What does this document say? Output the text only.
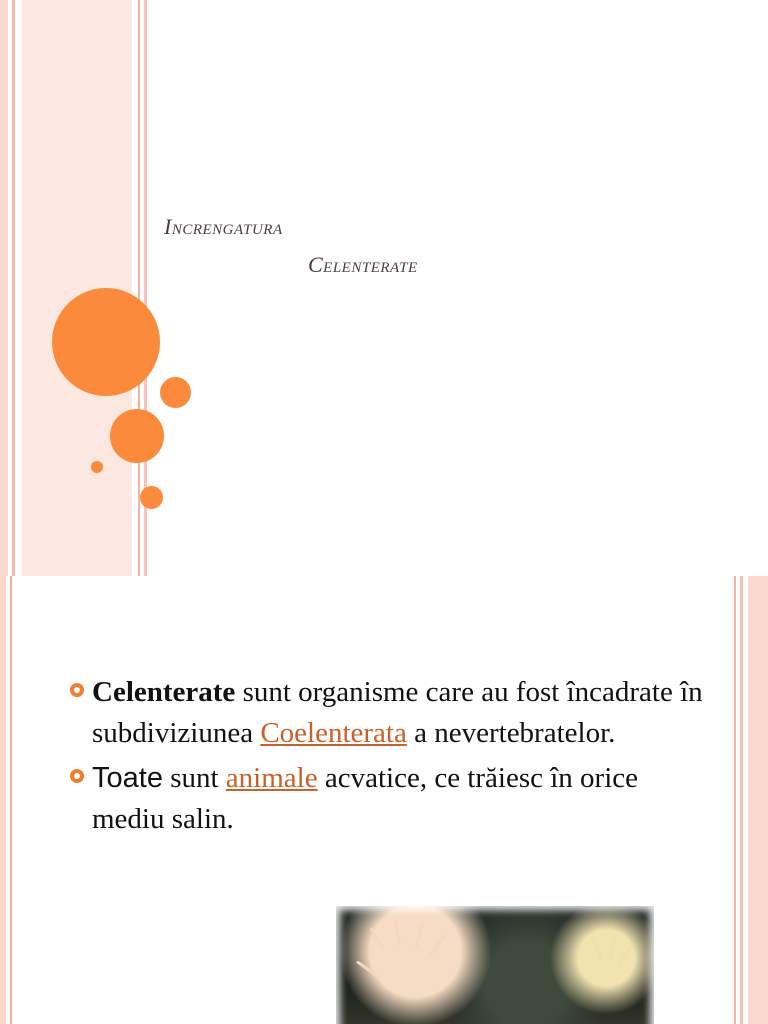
Increngatura
Celenterate
Celenterate sunt organisme care au fost încadrate în subdiviziunea Coelenterata a nevertebratelor.
Toate sunt animale acvatice, ce trăiesc în orice mediu salin.
